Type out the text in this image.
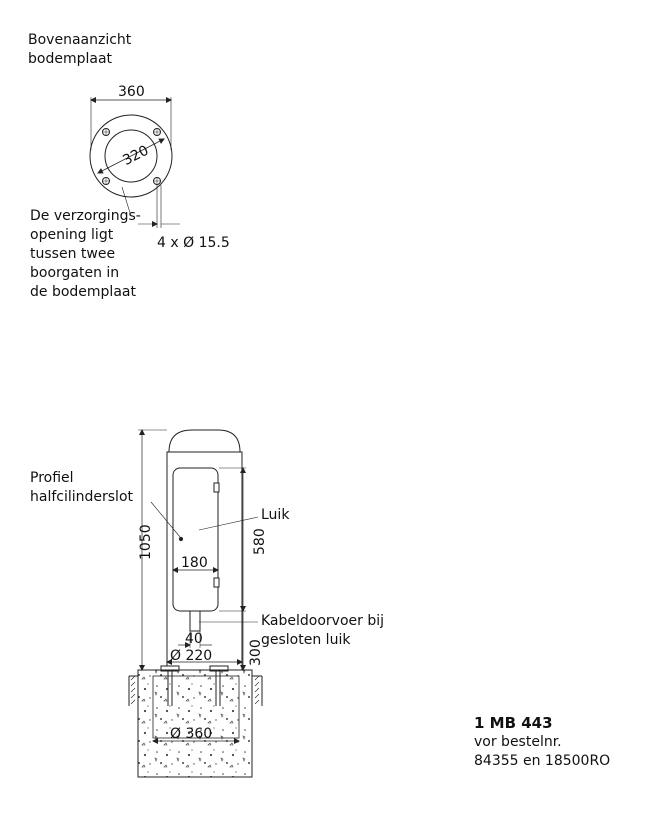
Bovenaanzicht
bodemplaat
De verzorgings-
opening ligt
tussen twee
boorgaten in
de bodemplaat
Profiel
halfcilinderslot
Luik
Kabeldoorvoer bij
gesloten luik
1 MB 443
vor bestelnr.
84355 en 18500RO
360
320
4 x Ø 15.5
1050	580
300
180
40
Ø 220
Ø 360
